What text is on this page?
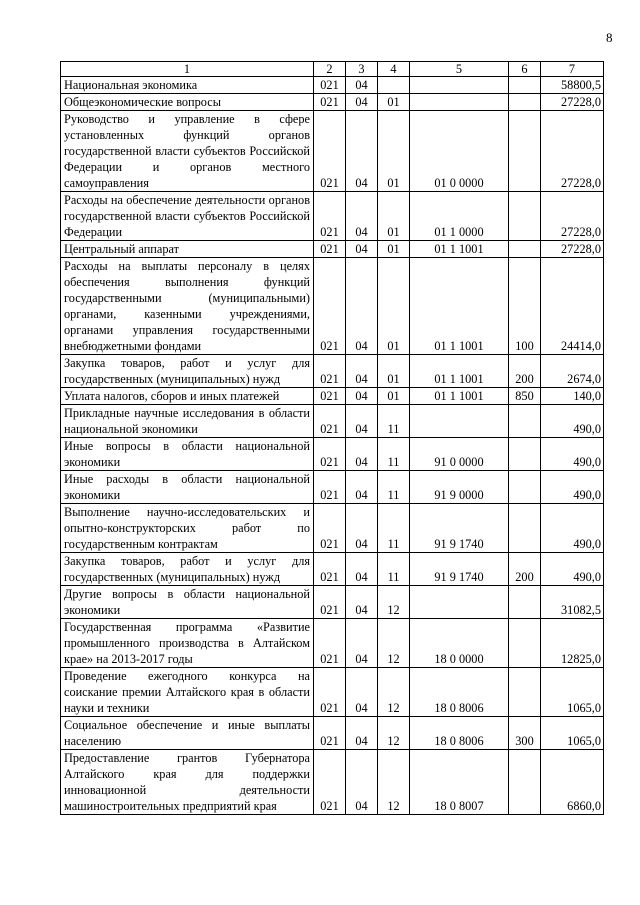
8
1	2	3	4	5	6	7
Национальная экономика	021	04				58800,5
Общеэкономические вопросы	021	04	01			27228,0
Руководство и управление в сфере установленных функций органов государственной власти субъектов Российской Федерации и органов местного самоуправления	021	04	01	01 0 0000		27228,0
Расходы на обеспечение деятельности органов государственной власти субъектов Российской Федерации	021	04	01	01 1 0000		27228,0
Центральный аппарат	021	04	01	01 1 1001		27228,0
Расходы на выплаты персоналу в целях обеспечения выполнения функций государственными (муниципальными) органами, казенными учреждениями, органами управления государственными внебюджетными фондами	021	04	01	01 1 1001	100	24414,0
Закупка товаров, работ и услуг для государственных (муниципальных) нужд	021	04	01	01 1 1001	200	2674,0
Уплата налогов, сборов и иных платежей	021	04	01	01 1 1001	850	140,0
Прикладные научные исследования в области национальной экономики	021	04	11			490,0
Иные вопросы в области национальной экономики	021	04	11	91 0 0000		490,0
Иные расходы в области национальной экономики	021	04	11	91 9 0000		490,0
Выполнение научно-исследовательских и опытно-конструкторских работ по государственным контрактам	021	04	11	91 9 1740		490,0
Закупка товаров, работ и услуг для государственных (муниципальных) нужд	021	04	11	91 9 1740	200	490,0
Другие вопросы в области национальной экономики	021	04	12			31082,5
Государственная программа «Развитие промышленного производства в Алтайском крае» на 2013-2017 годы	021	04	12	18 0 0000		12825,0
Проведение ежегодного конкурса на соискание премии Алтайского края в области науки и техники	021	04	12	18 0 8006		1065,0
Социальное обеспечение и иные выплаты населению	021	04	12	18 0 8006	300	1065,0
Предоставление грантов Губернатора Алтайского края для поддержки инновационной деятельности машиностроительных предприятий края	021	04	12	18 0 8007		6860,0
